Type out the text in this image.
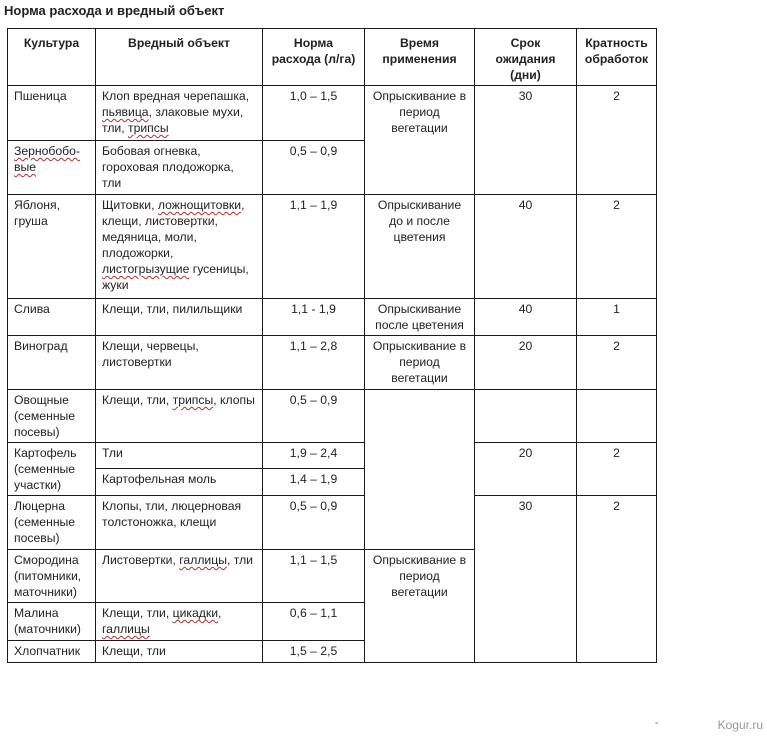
Норма расхода и вредный объект
Культура	Вредный объект	Норма расхода (л/га)	Время применения	Срок ожидания (дни)	Кратность обработок
Пшеница	Клоп вредная черепашка, пьявица, злаковые мухи, тли, трипсы	1,0 – 1,5	Опрыскивание в период вегетации	30	2
Зернобобо-вые	Бобовая огневка, гороховая плодожорка, тли	0,5 – 0,9			
Яблоня, груша	Щитовки, ложнощитовки, клещи, листовертки, медяница, моли, плодожорки, листогрызущие гусеницы, жуки	1,1 – 1,9	Опрыскивание до и после цветения	40	2
Слива	Клещи, тли, пилильщики	1,1 - 1,9	Опрыскивание после цветения	40	1
Виноград	Клещи, червецы, листовертки	1,1 – 2,8	Опрыскивание в период вегетации	20	2
Овощные (семенные посевы)	Клещи, тли, трипсы, клопы	0,5 – 0,9			
Картофель (семенные участки)	Тли	1,9 – 2,4		20	2
	Картофельная моль	1,4 – 1,9			
Люцерна (семенные посевы)	Клопы, тли, люцерновая толстоножка, клещи	0,5 – 0,9		30	2
Смородина (питомники, маточники)	Листовертки, галлицы, тли	1,1 – 1,5	Опрыскивание в период вегетации		
Малина (маточники)	Клещи, тли, цикадки, галлицы	0,6 – 1,1			
Хлопчатник	Клещи, тли	1,5 – 2,5			
-	Kogur.ru
